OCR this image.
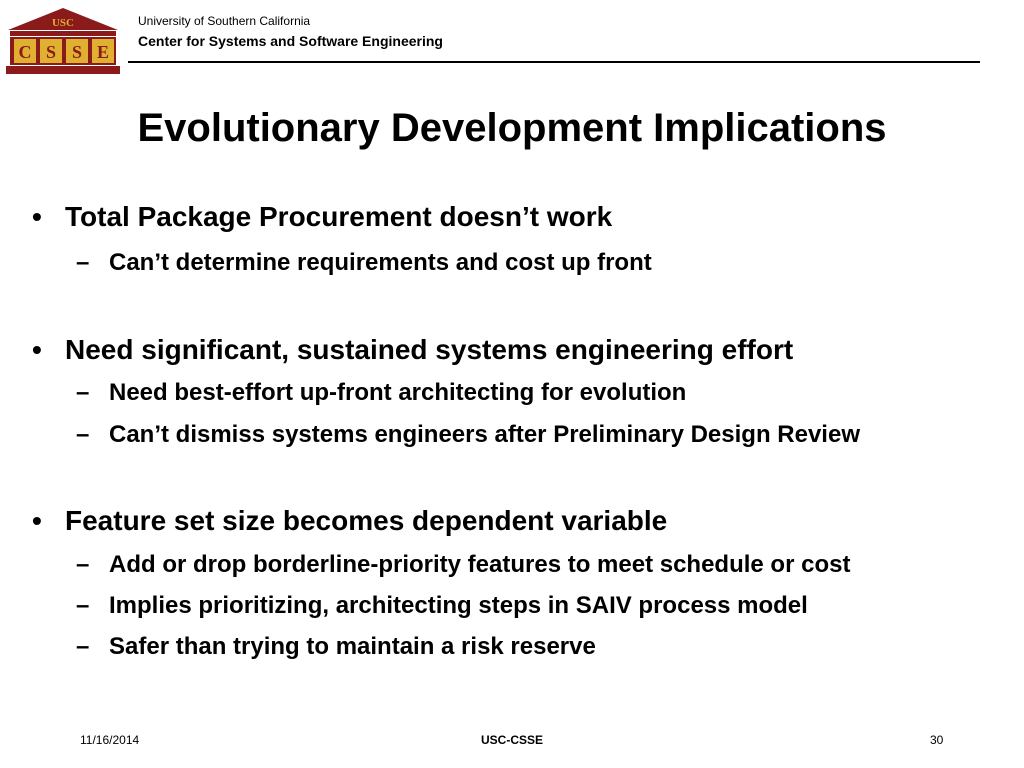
USC
C S S E
University of Southern California
Center for Systems and Software Engineering
Evolutionary Development Implications
• Total Package Procurement doesn’t work
– Can’t determine requirements and cost up front
• Need significant, sustained systems engineering effort
– Need best-effort up-front architecting for evolution
– Can’t dismiss systems engineers after Preliminary Design Review
• Feature set size becomes dependent variable
– Add or drop borderline-priority features to meet schedule or cost
– Implies prioritizing, architecting steps in SAIV process model
– Safer than trying to maintain a risk reserve
11/16/2014	USC-CSSE	30
